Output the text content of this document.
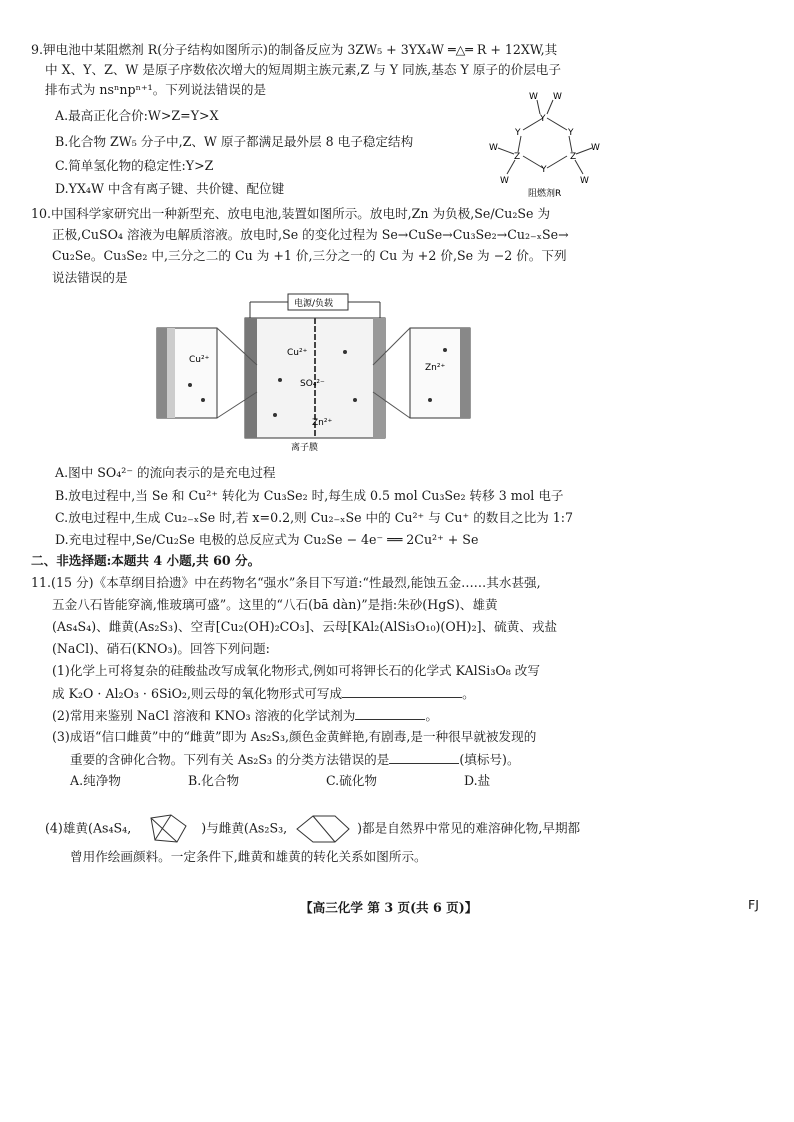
9.钾电池中某阻燃剂 R(分子结构如图所示)的制备反应为 3ZW₅ + 3YX₄W ═△═ R + 12XW,其
中 X、Y、Z、W 是原子序数依次增大的短周期主族元素,Z 与 Y 同族,基态 Y 原子的价层电子
排布式为 nsⁿnpⁿ⁺¹。下列说法错误的是
A.最高正化合价:W>Z=Y>X
B.化合物 ZW₅ 分子中,Z、W 原子都满足最外层 8 电子稳定结构
C.简单氢化物的稳定性:Y>Z
D.YX₄W 中含有离子键、共价键、配位键
W W
Y
Y	Y
Z	Z
Y
W	W
W	W
阻燃剂R
10.中国科学家研究出一种新型充、放电电池,装置如图所示。放电时,Zn 为负极,Se/Cu₂Se 为
正极,CuSO₄ 溶液为电解质溶液。放电时,Se 的变化过程为 Se→CuSe→Cu₃Se₂→Cu₂₋ₓSe→
Cu₂Se。Cu₃Se₂ 中,三分之二的 Cu 为 +1 价,三分之一的 Cu 为 +2 价,Se 为 −2 价。下列
说法错误的是
电源/负载
Cu²⁺
SO₄²⁻
Zn²⁺
离子膜
Cu²⁺
Zn²⁺
A.图中 SO₄²⁻ 的流向表示的是充电过程
B.放电过程中,当 Se 和 Cu²⁺ 转化为 Cu₃Se₂ 时,每生成 0.5 mol Cu₃Se₂ 转移 3 mol 电子
C.放电过程中,生成 Cu₂₋ₓSe 时,若 x=0.2,则 Cu₂₋ₓSe 中的 Cu²⁺ 与 Cu⁺ 的数目之比为 1:7
D.充电过程中,Se/Cu₂Se 电极的总反应式为 Cu₂Se − 4e⁻ ══ 2Cu²⁺ + Se
二、非选择题:本题共 4 小题,共 60 分。
11.(15 分)《本草纲目拾遗》中在药物名“强水”条目下写道:“性最烈,能蚀五金……其水甚强,
五金八石皆能穿滴,惟玻璃可盛”。这里的“八石(bā dàn)”是指:朱砂(HgS)、雄黄
(As₄S₄)、雌黄(As₂S₃)、空青[Cu₂(OH)₂CO₃]、云母[KAl₂(AlSi₃O₁₀)(OH)₂]、硫黄、戎盐
(NaCl)、硝石(KNO₃)。回答下列问题:
(1)化学上可将复杂的硅酸盐改写成氧化物形式,例如可将钾长石的化学式 KAlSi₃O₈ 改写
成 K₂O · Al₂O₃ · 6SiO₂,则云母的氧化物形式可写成	。
(2)常用来鉴别 NaCl 溶液和 KNO₃ 溶液的化学试剂为	。
(3)成语“信口雌黄”中的“雌黄”即为 As₂S₃,颜色金黄鲜艳,有剧毒,是一种很早就被发现的
重要的含砷化合物。下列有关 As₂S₃ 的分类方法错误的是	(填标号)。
A.纯净物	B.化合物	C.硫化物	D.盐
(4)雄黄(As₄S₄,	)与雌黄(As₂S₃,	)都是自然界中常见的难溶砷化物,早期都
曾用作绘画颜料。一定条件下,雌黄和雄黄的转化关系如图所示。
【高三化学 第 3 页(共 6 页)】	FJ
